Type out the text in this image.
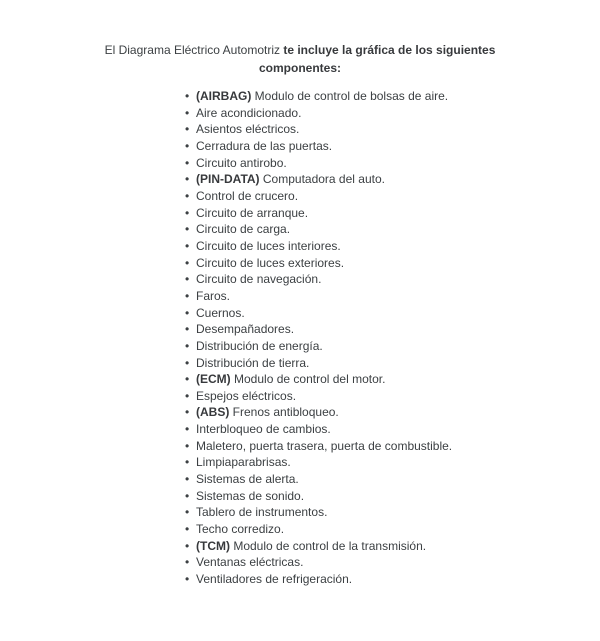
El Diagrama Eléctrico Automotriz te incluye la gráfica de los siguientes componentes:

• (AIRBAG) Modulo de control de bolsas de aire.
• Aire acondicionado.
• Asientos eléctricos.
• Cerradura de las puertas.
• Circuito antirobo.
• (PIN-DATA) Computadora del auto.
• Control de crucero.
• Circuito de arranque.
• Circuito de carga.
• Circuito de luces interiores.
• Circuito de luces exteriores.
• Circuito de navegación.
• Faros.
• Cuernos.
• Desempañadores.
• Distribución de energía.
• Distribución de tierra.
• (ECM) Modulo de control del motor.
• Espejos eléctricos.
• (ABS) Frenos antibloqueo.
• Interbloqueo de cambios.
• Maletero, puerta trasera, puerta de combustible.
• Limpiaparabrisas.
• Sistemas de alerta.
• Sistemas de sonido.
• Tablero de instrumentos.
• Techo corredizo.
• (TCM) Modulo de control de la transmisión.
• Ventanas eléctricas.
• Ventiladores de refrigeración.
